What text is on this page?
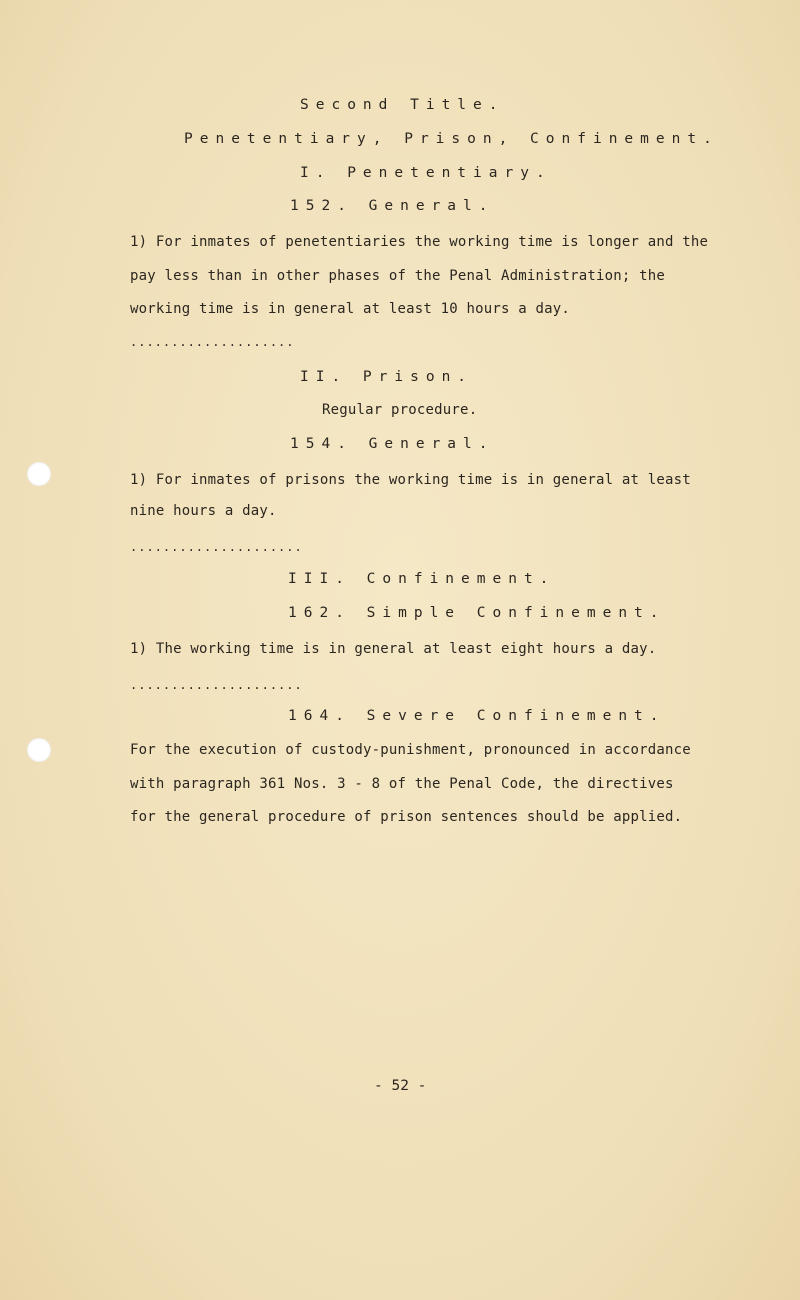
Second Title.
Penetentiary, Prison, Confinement.
I. Penetentiary.
152. General.
1) For inmates of penetentiaries the working time is longer and the
pay less than in other phases of the Penal Administration; the
working time is in general at least 10 hours a day.
....................
II. Prison.
Regular procedure.
154. General.
1) For inmates of prisons the working time is in general at least
nine hours a day.
.....................
III. Confinement.
162. Simple Confinement.
1) The working time is in general at least eight hours a day.
.....................
164. Severe Confinement.
For the execution of custody-punishment, pronounced in accordance
with paragraph 361 Nos. 3 - 8 of the Penal Code, the directives
for the general procedure of prison sentences should be applied.
- 52 -
